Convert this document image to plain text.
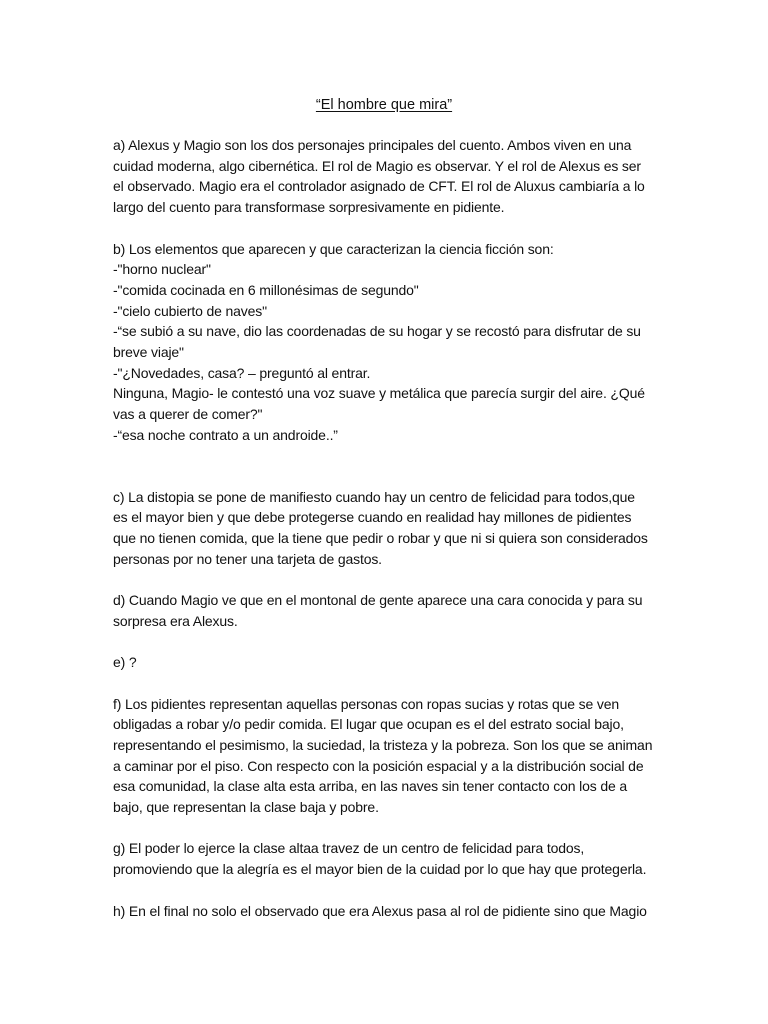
“El hombre que mira”
a) Alexus y Magio son los dos personajes principales del cuento. Ambos viven en una
cuidad moderna, algo cibernética. El rol de Magio es observar. Y el rol de Alexus es ser
el observado. Magio era el controlador asignado de CFT. El rol de Aluxus cambiaría a lo
largo del cuento para transformase sorpresivamente en pidiente.
b) Los elementos que aparecen y que caracterizan la ciencia ficción son:
-"horno nuclear"
-"comida cocinada en 6 millonésimas de segundo"
-"cielo cubierto de naves"
-“se subió a su nave, dio las coordenadas de su hogar y se recostó para disfrutar de su
breve viaje"
-"¿Novedades, casa? – preguntó al entrar.
Ninguna, Magio- le contestó una voz suave y metálica que parecía surgir del aire. ¿Qué
vas a querer de comer?"
-“esa noche contrato a un androide..”
c) La distopia se pone de manifiesto cuando hay un centro de felicidad para todos,que
es el mayor bien y que debe protegerse cuando en realidad hay millones de pidientes
que no tienen comida, que la tiene que pedir o robar y que ni si quiera son considerados
personas por no tener una tarjeta de gastos.
d) Cuando Magio ve que en el montonal de gente aparece una cara conocida y para su
sorpresa era Alexus.
e) ?
f) Los pidientes representan aquellas personas con ropas sucias y rotas que se ven
obligadas a robar y/o pedir comida. El lugar que ocupan es el del estrato social bajo,
representando el pesimismo, la suciedad, la tristeza y la pobreza. Son los que se animan
a caminar por el piso. Con respecto con la posición espacial y a la distribución social de
esa comunidad, la clase alta esta arriba, en las naves sin tener contacto con los de a
bajo, que representan la clase baja y pobre.
g) El poder lo ejerce la clase altaa travez de un centro de felicidad para todos,
promoviendo que la alegría es el mayor bien de la cuidad por lo que hay que protegerla.
h) En el final no solo el observado que era Alexus pasa al rol de pidiente sino que Magio
